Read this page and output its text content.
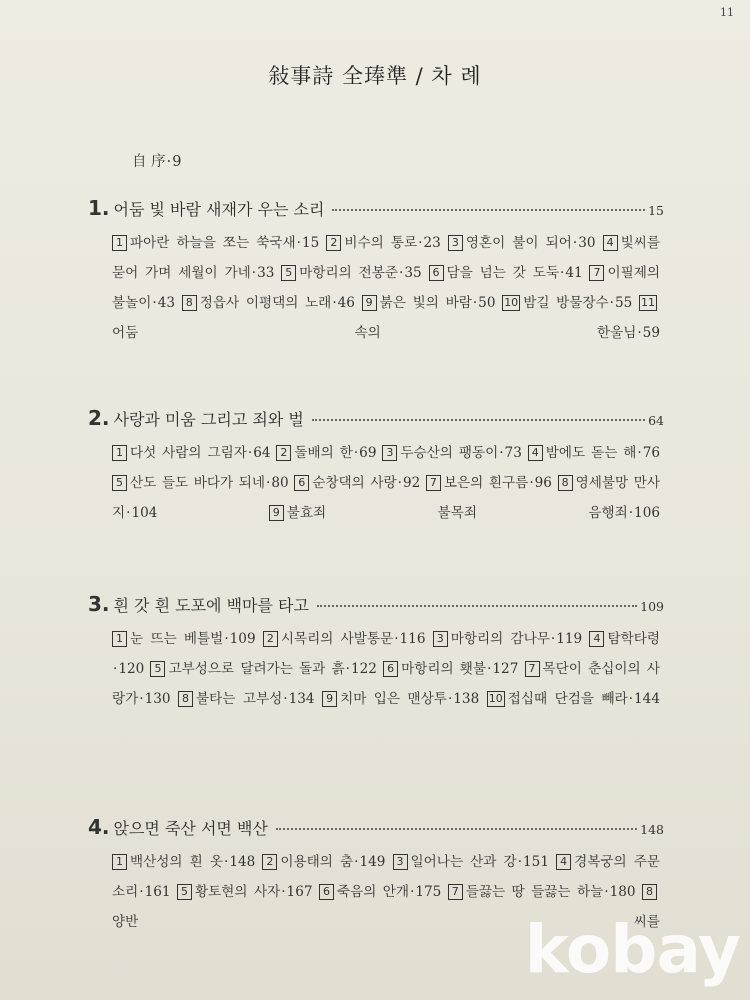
11
敍事詩 全琫準 / 차 례
自 序·9
1. 어둠 빛 바람 새재가 우는 소리	15
1 파아란 하늘을 쪼는 쑥국새·15 2 비수의 통로·23 3 영혼이 불이 되어·30 4 빛씨를 묻어 가며 세월이 가네·33 5 마항리의 전봉준·35 6 담을 넘는 갓 도둑·41 7 이필제의 불놀이·43 8 정읍사 이평댁의 노래·46 9 붉은 빛의 바람·50 10 밤길 방물장수·55 11어둠 속의 한울님·59
2. 사랑과 미움 그리고 죄와 벌	64
1 다섯 사람의 그림자·64 2 돌배의 한·69 3 두승산의 팽동이·73 4 밤에도 돋는 해·76 5 산도 들도 바다가 되네·80 6 순창댁의 사랑·92 7 보은의 흰구름·96 8 영세불망 만사지·104	9 불효죄 불목죄 음행죄·106
3. 흰 갓 흰 도포에 백마를 타고	109
1 눈 뜨는 베틀벌·109 2 시목리의 사발통문·116 3 마항리의 감나무·119 4 탐학타령·120 5 고부성으로 달려가는 돌과 흙·122 6 마항리의 횃불·127 7 목단이 춘십이의 사랑가·130 8 불타는 고부성·134 9 치마 입은 맨상투·138 10 접십때 단검을 빼라·144
4. 앉으면 죽산 서면 백산	148
1 백산성의 흰 옷·148 2 이용태의 춤·149 3 일어나는 산과 강·151 4 경복궁의 주문 소리·161 5 황토현의 사자·167 6 죽음의 안개·175 7 들끓는 땅 들끓는 하늘·180 8양반 씨를
kobay
